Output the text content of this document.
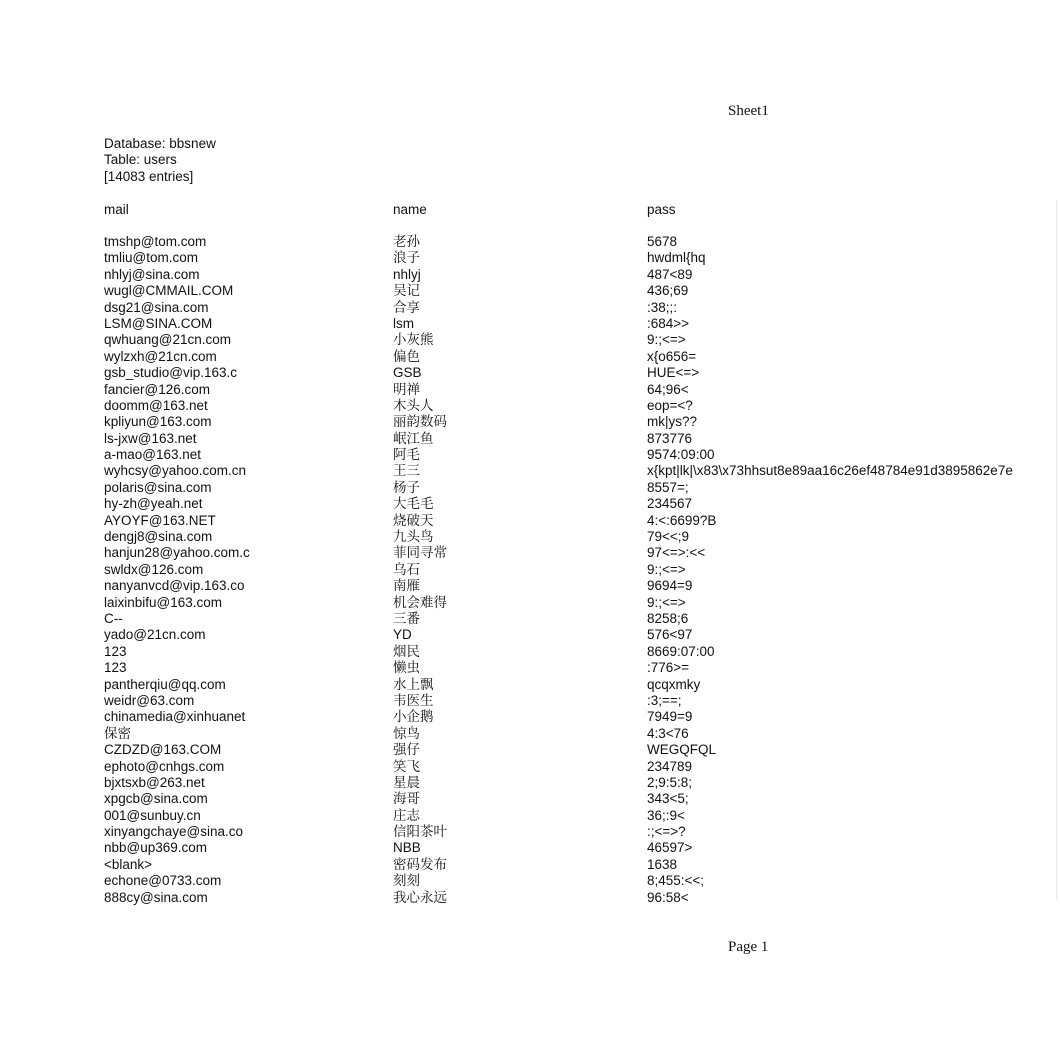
Sheet1
Database: bbsnew
Table: users
[14083 entries]
mail	name	pass
tmshp@tom.com	老孙	5678
tmliu@tom.com	浪子	hwdml{hq
nhlyj@sina.com	nhlyj	487<89
wugl@CMMAIL.COM	吴记	436;69
dsg21@sina.com	合享	:38;;:
LSM@SINA.COM	lsm	:684>>
qwhuang@21cn.com	小灰熊	9:;<=>
wylzxh@21cn.com	偏色	x{o656=
gsb_studio@vip.163.c	GSB	HUE<=>
fancier@126.com	明禅	64;96<
doomm@163.net	木头人	eop=<?
kpliyun@163.com	丽韵数码	mk|ys??
ls-jxw@163.net	岷江鱼	873776
a-mao@163.net	阿毛	9574:09:00
wyhcsy@yahoo.com.cn	王三	x{kpt|lk|\x83\x73hhsut8e89aa16c26ef48784e91d3895862e7e
polaris@sina.com	杨子	8557=;
hy-zh@yeah.net	大毛毛	234567
AYOYF@163.NET	烧破天	4:<:6699?B
dengj8@sina.com	九头鸟	79<<;9
hanjun28@yahoo.com.c	菲同寻常	97<=>:<<
swldx@126.com	乌石	9:;<=>
nanyanvcd@vip.163.co	南雁	9694=9
laixinbifu@163.com	机会难得	9:;<=>
C--	三番	8258;6
yado@21cn.com	YD	576<97
123	烟民	8669:07:00
123	懒虫	:776>=
pantherqiu@qq.com	水上飘	qcqxmky
weidr@63.com	韦医生	:3;==;
chinamedia@xinhuanet	小企鹅	7949=9
保密	惊鸟	4:3<76
CZDZD@163.COM	强仔	WEGQFQL
ephoto@cnhgs.com	笑飞	234789
bjxtsxb@263.net	星晨	2;9:5:8;
xpgcb@sina.com	海哥	343<5;
001@sunbuy.cn	庄志	36;:9<
xinyangchaye@sina.co	信阳茶叶	:;<=>?
nbb@up369.com	NBB	46597>
<blank>	密码发布	1638
echone@0733.com	刻刻	8;455:<<;
888cy@sina.com	我心永远	96:58<
Page 1
